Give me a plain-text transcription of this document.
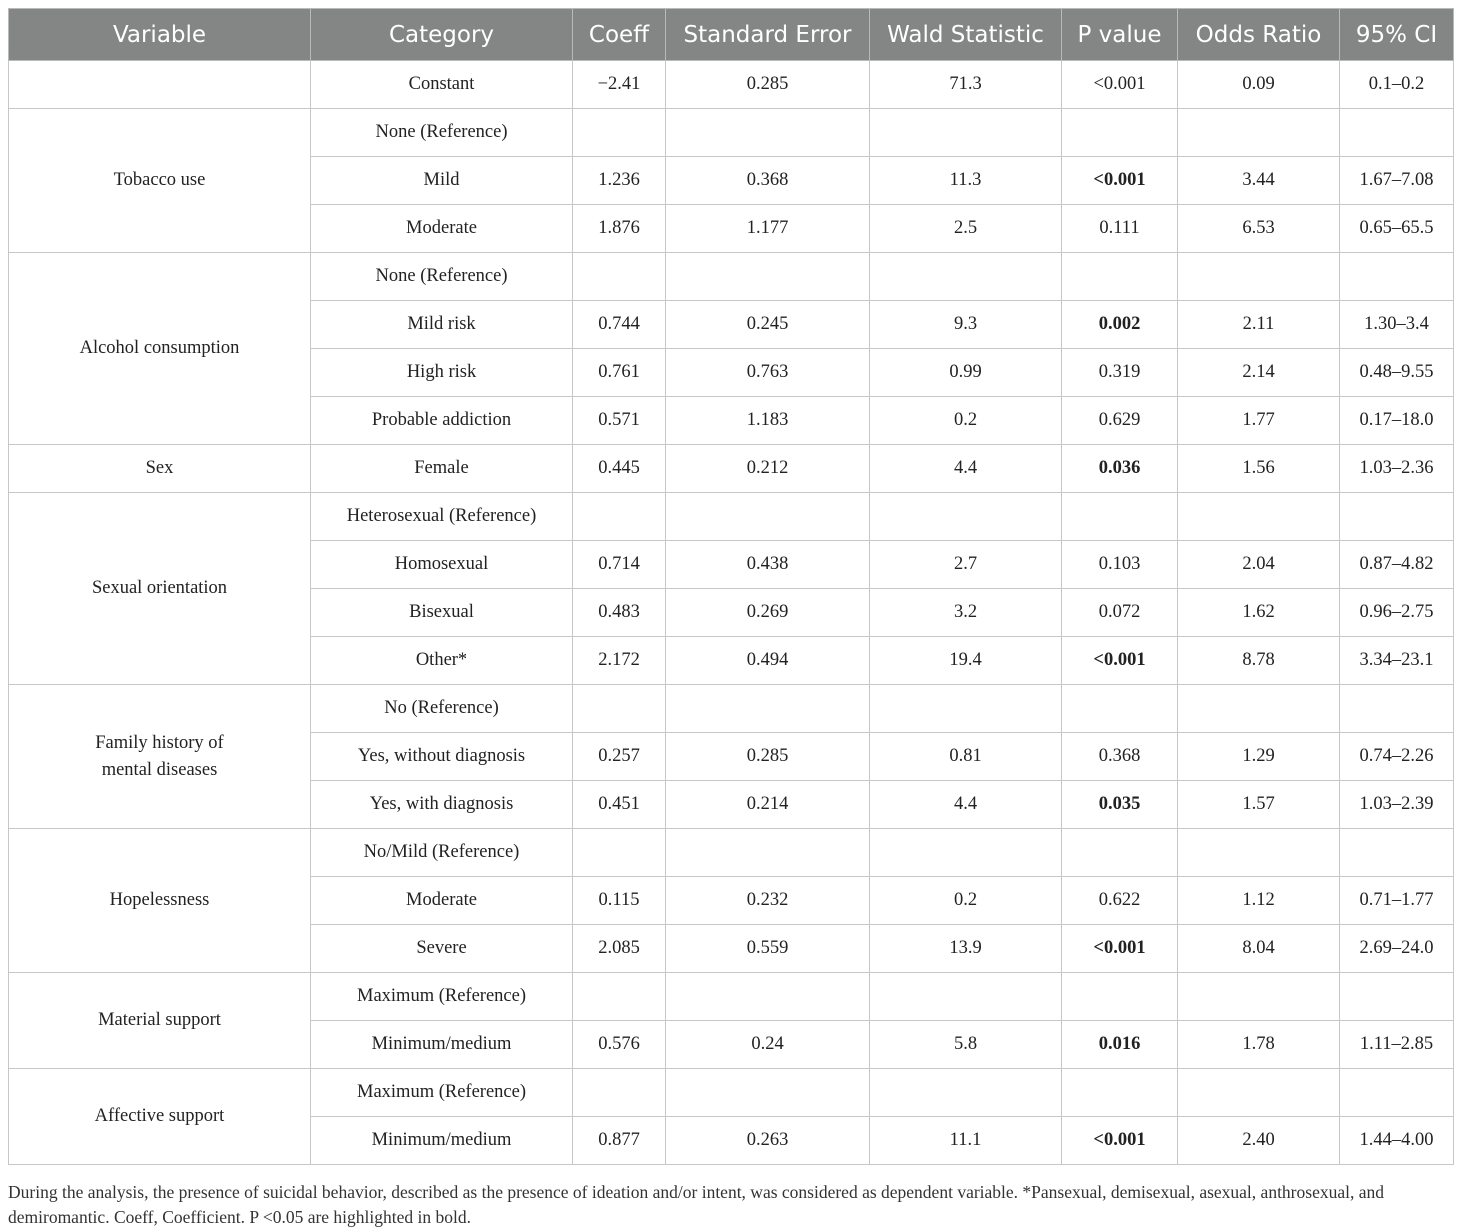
Variable	Category	Coeff	Standard Error	Wald Statistic	P value	Odds Ratio	95% CI
	Constant	−2.41	0.285	71.3	<0.001	0.09	0.1–0.2
Tobacco use	None (Reference)						
	Mild	1.236	0.368	11.3	<0.001	3.44	1.67–7.08
	Moderate	1.876	1.177	2.5	0.111	6.53	0.65–65.5
Alcohol consumption	None (Reference)						
	Mild risk	0.744	0.245	9.3	0.002	2.11	1.30–3.4
	High risk	0.761	0.763	0.99	0.319	2.14	0.48–9.55
	Probable addiction	0.571	1.183	0.2	0.629	1.77	0.17–18.0
Sex	Female	0.445	0.212	4.4	0.036	1.56	1.03–2.36
Sexual orientation	Heterosexual (Reference)						
	Homosexual	0.714	0.438	2.7	0.103	2.04	0.87–4.82
	Bisexual	0.483	0.269	3.2	0.072	1.62	0.96–2.75
	Other*	2.172	0.494	19.4	<0.001	8.78	3.34–23.1
Family history of mental diseases	No (Reference)						
	Yes, without diagnosis	0.257	0.285	0.81	0.368	1.29	0.74–2.26
	Yes, with diagnosis	0.451	0.214	4.4	0.035	1.57	1.03–2.39
Hopelessness	No/Mild (Reference)						
	Moderate	0.115	0.232	0.2	0.622	1.12	0.71–1.77
	Severe	2.085	0.559	13.9	<0.001	8.04	2.69–24.0
Material support	Maximum (Reference)						
	Minimum/medium	0.576	0.24	5.8	0.016	1.78	1.11–2.85
Affective support	Maximum (Reference)						
	Minimum/medium	0.877	0.263	11.1	<0.001	2.40	1.44–4.00
During the analysis, the presence of suicidal behavior, described as the presence of ideation and/or intent, was considered as dependent variable. *Pansexual, demisexual, asexual, anthrosexual, and demiromantic. Coeff, Coefficient. P <0.05 are highlighted in bold.
